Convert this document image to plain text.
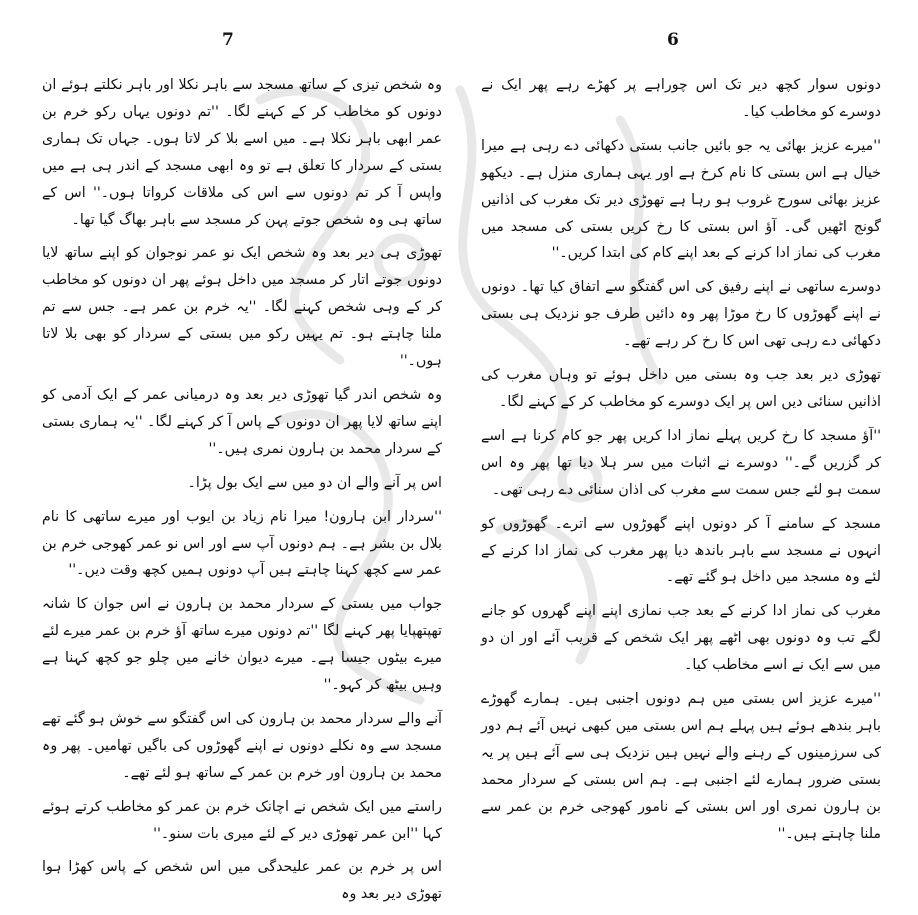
7

وہ شخص تیزی کے ساتھ مسجد سے باہر نکلا اور باہر نکلتے ہوئے ان دونوں کو مخاطب کر کے کہنے لگا۔ ''تم دونوں یہاں رکو خرم بن عمر ابھی باہر نکلا ہے۔ میں اسے بلا کر لاتا ہوں۔ جہاں تک ہماری بستی کے سردار کا تعلق ہے تو وہ ابھی مسجد کے اندر ہی ہے میں واپس آ کر تم دونوں سے اس کی ملاقات کرواتا ہوں۔'' اس کے ساتھ ہی وہ شخص جوتے پہن کر مسجد سے باہر بھاگ گیا تھا۔

تھوڑی ہی دیر بعد وہ شخص ایک نو عمر نوجوان کو اپنے ساتھ لایا دونوں جوتے اتار کر مسجد میں داخل ہوئے پھر ان دونوں کو مخاطب کر کے وہی شخص کہنے لگا۔ ''یہ خرم بن عمر ہے۔ جس سے تم ملنا چاہتے ہو۔ تم یہیں رکو میں بستی کے سردار کو بھی بلا لاتا ہوں۔''

وہ شخص اندر گیا تھوڑی دیر بعد وہ درمیانی عمر کے ایک آدمی کو اپنے ساتھ لایا پھر ان دونوں کے پاس آ کر کہنے لگا۔ ''یہ ہماری بستی کے سردار محمد بن ہارون نمری ہیں۔''

اس پر آنے والے ان دو میں سے ایک بول پڑا۔

''سردار ابن ہارون! میرا نام زیاد بن ایوب اور میرے ساتھی کا نام بلال بن بشر ہے۔ ہم دونوں آپ سے اور اس نو عمر کھوجی خرم بن عمر سے کچھ کہنا چاہتے ہیں آپ دونوں ہمیں کچھ وقت دیں۔''

جواب میں بستی کے سردار محمد بن ہارون نے اس جوان کا شانہ تھپتھپایا پھر کہنے لگا ''تم دونوں میرے ساتھ آؤ خرم بن عمر میرے لئے میرے بیٹوں جیسا ہے۔ میرے دیوان خانے میں چلو جو کچھ کہنا ہے وہیں بیٹھ کر کہو۔''

آنے والے سردار محمد بن ہارون کی اس گفتگو سے خوش ہو گئے تھے مسجد سے وہ نکلے دونوں نے اپنے گھوڑوں کی باگیں تھامیں۔ پھر وہ محمد بن ہارون اور خرم بن عمر کے ساتھ ہو لئے تھے۔

راستے میں ایک شخص نے اچانک خرم بن عمر کو مخاطب کرتے ہوئے کہا ''ابن عمر تھوڑی دیر کے لئے میری بات سنو۔''

اس پر خرم بن عمر علیحدگی میں اس شخص کے پاس کھڑا ہوا تھوڑی دیر بعد وہ

6

دونوں سوار کچھ دیر تک اس چوراہے پر کھڑے رہے پھر ایک نے دوسرے کو مخاطب کیا۔

''میرے عزیز بھائی یہ جو بائیں جانب بستی دکھائی دے رہی ہے میرا خیال ہے اس بستی کا نام کرخ ہے اور یہی ہماری منزل ہے۔ دیکھو عزیز بھائی سورج غروب ہو رہا ہے تھوڑی دیر تک مغرب کی اذانیں گونج اٹھیں گی۔ آؤ اس بستی کا رخ کریں بستی کی مسجد میں مغرب کی نماز ادا کرنے کے بعد اپنے کام کی ابتدا کریں۔''

دوسرے ساتھی نے اپنے رفیق کی اس گفتگو سے اتفاق کیا تھا۔ دونوں نے اپنے گھوڑوں کا رخ موڑا پھر وہ دائیں طرف جو نزدیک ہی بستی دکھائی دے رہی تھی اس کا رخ کر رہے تھے۔

تھوڑی دیر بعد جب وہ بستی میں داخل ہوئے تو وہاں مغرب کی اذانیں سنائی دیں اس پر ایک دوسرے کو مخاطب کر کے کہنے لگا۔

''آؤ مسجد کا رخ کریں پہلے نماز ادا کریں پھر جو کام کرنا ہے اسے کر گزریں گے۔'' دوسرے نے اثبات میں سر ہلا دیا تھا پھر وہ اس سمت ہو لئے جس سمت سے مغرب کی اذان سنائی دے رہی تھی۔

مسجد کے سامنے آ کر دونوں اپنے گھوڑوں سے اترے۔ گھوڑوں کو انہوں نے مسجد سے باہر باندھ دیا پھر مغرب کی نماز ادا کرنے کے لئے وہ مسجد میں داخل ہو گئے تھے۔

مغرب کی نماز ادا کرنے کے بعد جب نمازی اپنے اپنے گھروں کو جانے لگے تب وہ دونوں بھی اٹھے پھر ایک شخص کے قریب آئے اور ان دو میں سے ایک نے اسے مخاطب کیا۔

''میرے عزیز اس بستی میں ہم دونوں اجنبی ہیں۔ ہمارے گھوڑے باہر بندھے ہوئے ہیں پہلے ہم اس بستی میں کبھی نہیں آئے ہم دور کی سرزمینوں کے رہنے والے نہیں ہیں نزدیک ہی سے آئے ہیں پر یہ بستی ضرور ہمارے لئے اجنبی ہے۔ ہم اس بستی کے سردار محمد بن ہارون نمری اور اس بستی کے نامور کھوجی خرم بن عمر سے ملنا چاہتے ہیں۔''
